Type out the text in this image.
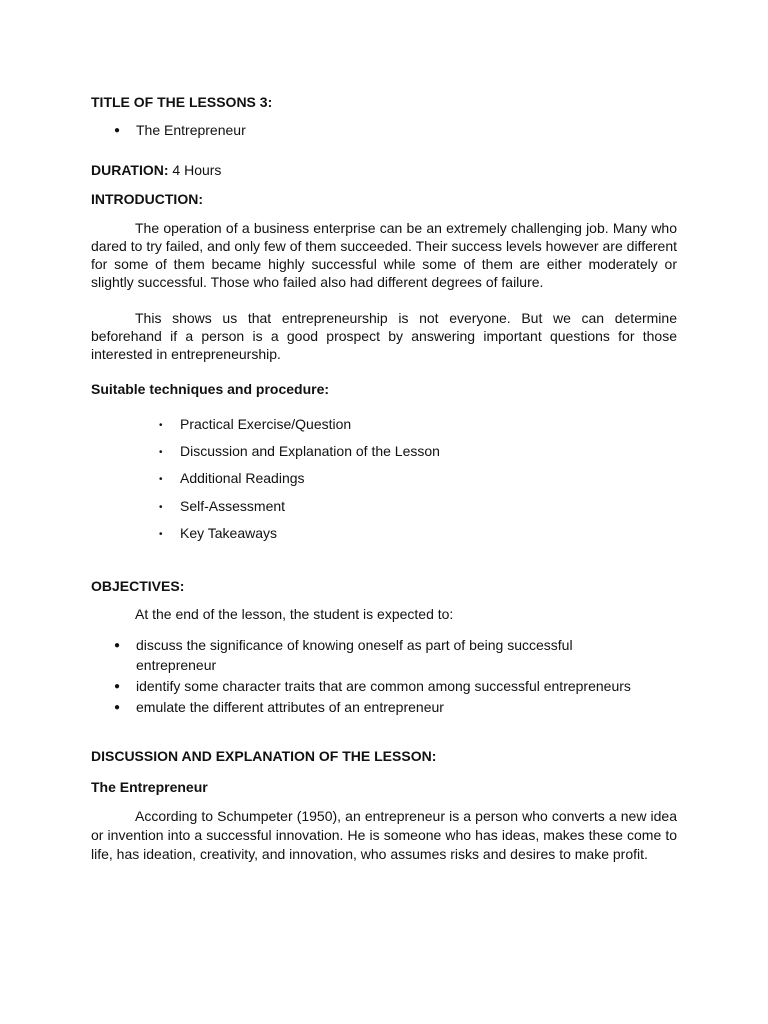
TITLE OF THE LESSONS 3:
● The Entrepreneur
DURATION: 4 Hours
INTRODUCTION:

The operation of a business enterprise can be an extremely challenging job. Many who dared to try failed, and only few of them succeeded. Their success levels however are different for some of them became highly successful while some of them are either moderately or slightly successful. Those who failed also had different degrees of failure.

This shows us that entrepreneurship is not everyone. But we can determine beforehand if a person is a good prospect by answering important questions for those interested in entrepreneurship.

Suitable techniques and procedure:
• Practical Exercise/Question
• Discussion and Explanation of the Lesson
• Additional Readings
• Self-Assessment
• Key Takeaways
OBJECTIVES:
At the end of the lesson, the student is expected to:
● discuss the significance of knowing oneself as part of being successful
entrepreneur
● identify some character traits that are common among successful entrepreneurs
● emulate the different attributes of an entrepreneur
DISCUSSION AND EXPLANATION OF THE LESSON:
The Entrepreneur

According to Schumpeter (1950), an entrepreneur is a person who converts a new idea or invention into a successful innovation. He is someone who has ideas, makes these come to life, has ideation, creativity, and innovation, who assumes risks and desires to make profit.
